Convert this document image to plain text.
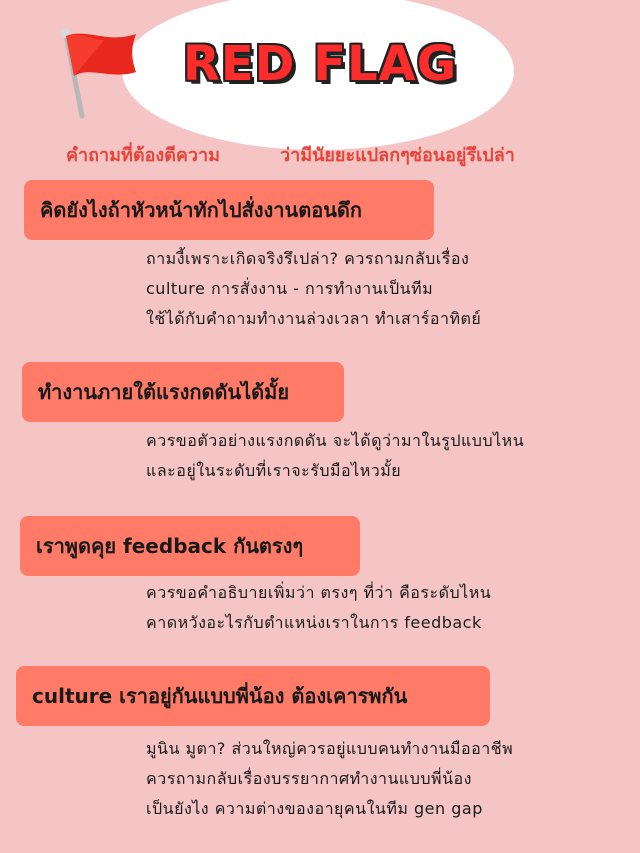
RED FLAG
คำถามที่ต้องตีความ	ว่ามีนัยยะแปลกๆซ่อนอยู่รึเปล่า
คิดยังไงถ้าหัวหน้าทักไปสั่งงานตอนดึก
ถามงี้เพราะเกิดจริงรึเปล่า? ควรถามกลับเรื่อง
culture การสั่งงาน - การทำงานเป็นทีม
ใช้ได้กับคำถามทำงานล่วงเวลา ทำเสาร์อาทิตย์
ทำงานภายใต้แรงกดดันได้มั้ย
ควรขอตัวอย่างแรงกดดัน จะได้ดูว่ามาในรูปแบบไหน
และอยู่ในระดับที่เราจะรับมือไหวมั้ย
เราพูดคุย feedback กันตรงๆ
ควรขอคำอธิบายเพิ่มว่า ตรงๆ ที่ว่า คือระดับไหน
คาดหวังอะไรกับตำแหน่งเราในการ feedback
culture เราอยู่กันแบบพี่น้อง ต้องเคารพกัน
มูนิน มูตา? ส่วนใหญ่ควรอยู่แบบคนทำงานมืออาชีพ
ควรถามกลับเรื่องบรรยากาศทำงานแบบพี่น้อง
เป็นยังไง ความต่างของอายุคนในทีม gen gap
